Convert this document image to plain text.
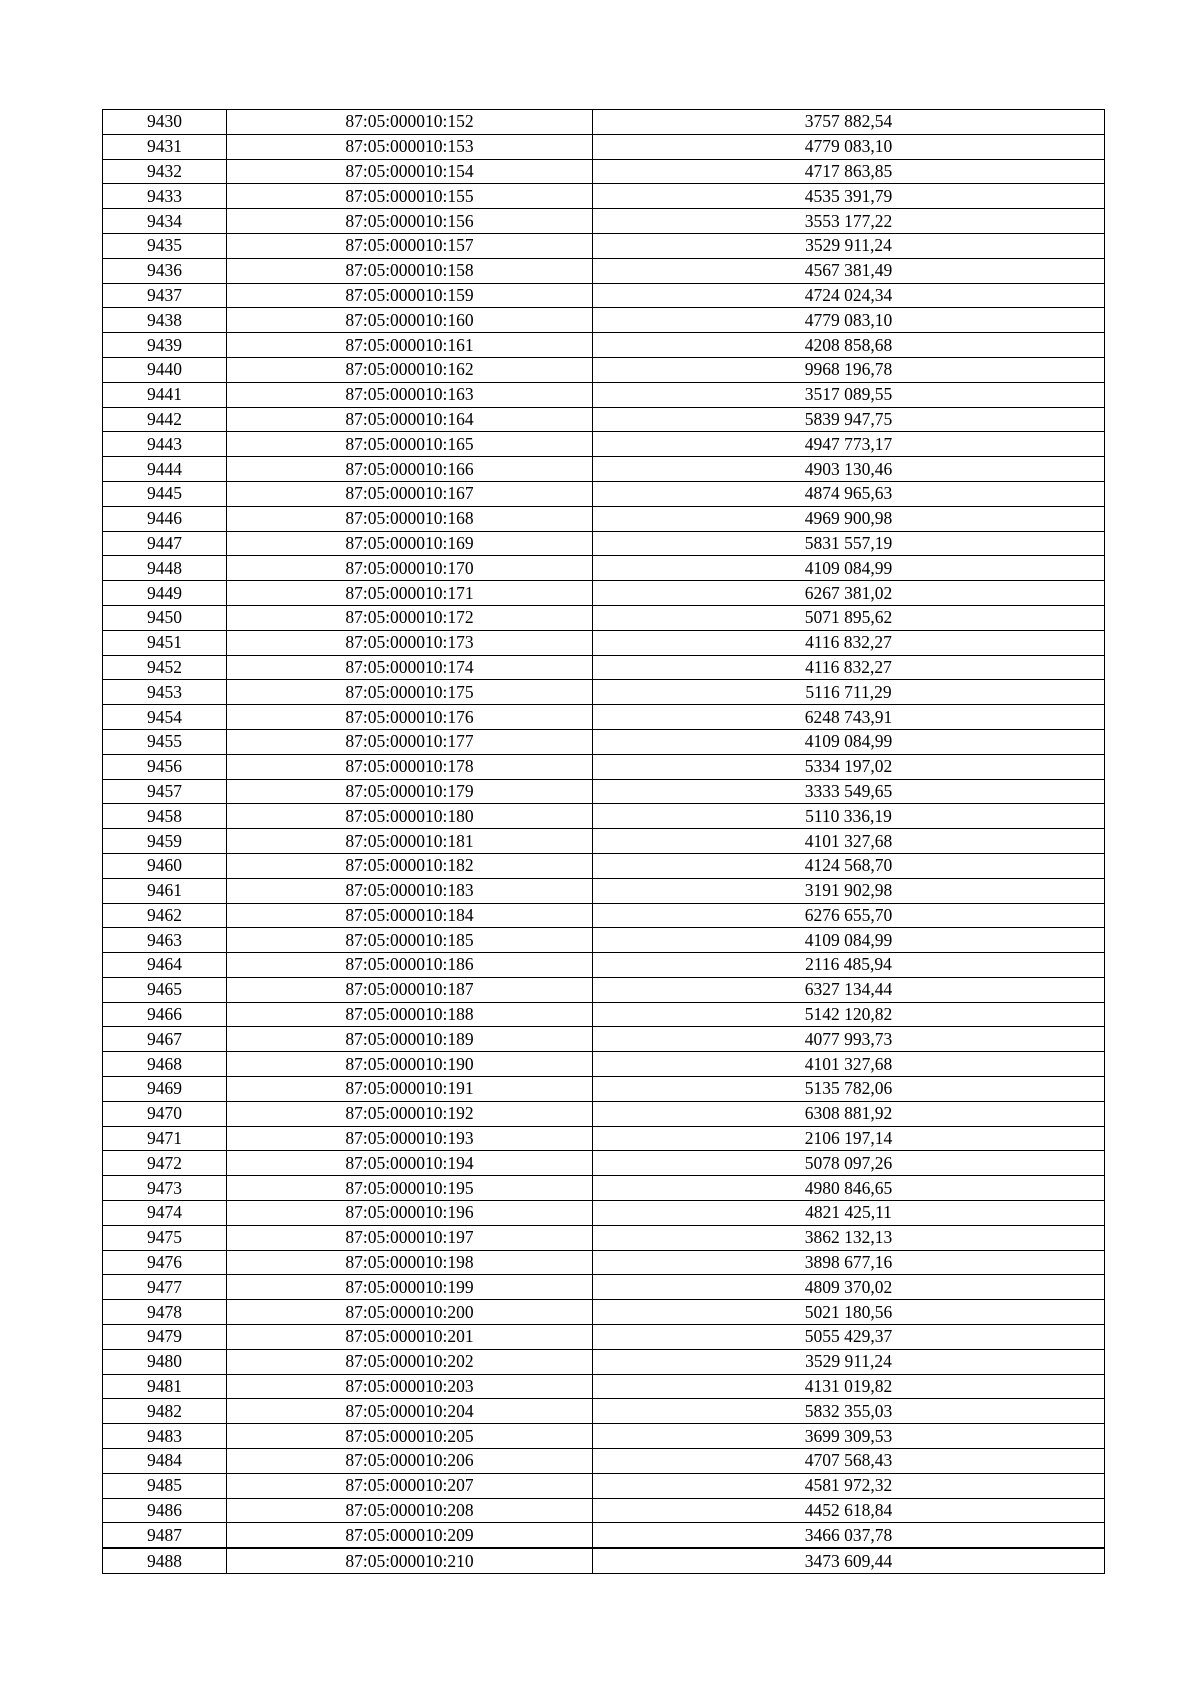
9430	87:05:000010:152	3757 882,54
9431	87:05:000010:153	4779 083,10
9432	87:05:000010:154	4717 863,85
9433	87:05:000010:155	4535 391,79
9434	87:05:000010:156	3553 177,22
9435	87:05:000010:157	3529 911,24
9436	87:05:000010:158	4567 381,49
9437	87:05:000010:159	4724 024,34
9438	87:05:000010:160	4779 083,10
9439	87:05:000010:161	4208 858,68
9440	87:05:000010:162	9968 196,78
9441	87:05:000010:163	3517 089,55
9442	87:05:000010:164	5839 947,75
9443	87:05:000010:165	4947 773,17
9444	87:05:000010:166	4903 130,46
9445	87:05:000010:167	4874 965,63
9446	87:05:000010:168	4969 900,98
9447	87:05:000010:169	5831 557,19
9448	87:05:000010:170	4109 084,99
9449	87:05:000010:171	6267 381,02
9450	87:05:000010:172	5071 895,62
9451	87:05:000010:173	4116 832,27
9452	87:05:000010:174	4116 832,27
9453	87:05:000010:175	5116 711,29
9454	87:05:000010:176	6248 743,91
9455	87:05:000010:177	4109 084,99
9456	87:05:000010:178	5334 197,02
9457	87:05:000010:179	3333 549,65
9458	87:05:000010:180	5110 336,19
9459	87:05:000010:181	4101 327,68
9460	87:05:000010:182	4124 568,70
9461	87:05:000010:183	3191 902,98
9462	87:05:000010:184	6276 655,70
9463	87:05:000010:185	4109 084,99
9464	87:05:000010:186	2116 485,94
9465	87:05:000010:187	6327 134,44
9466	87:05:000010:188	5142 120,82
9467	87:05:000010:189	4077 993,73
9468	87:05:000010:190	4101 327,68
9469	87:05:000010:191	5135 782,06
9470	87:05:000010:192	6308 881,92
9471	87:05:000010:193	2106 197,14
9472	87:05:000010:194	5078 097,26
9473	87:05:000010:195	4980 846,65
9474	87:05:000010:196	4821 425,11
9475	87:05:000010:197	3862 132,13
9476	87:05:000010:198	3898 677,16
9477	87:05:000010:199	4809 370,02
9478	87:05:000010:200	5021 180,56
9479	87:05:000010:201	5055 429,37
9480	87:05:000010:202	3529 911,24
9481	87:05:000010:203	4131 019,82
9482	87:05:000010:204	5832 355,03
9483	87:05:000010:205	3699 309,53
9484	87:05:000010:206	4707 568,43
9485	87:05:000010:207	4581 972,32
9486	87:05:000010:208	4452 618,84
9487	87:05:000010:209	3466 037,78
9488	87:05:000010:210	3473 609,44
